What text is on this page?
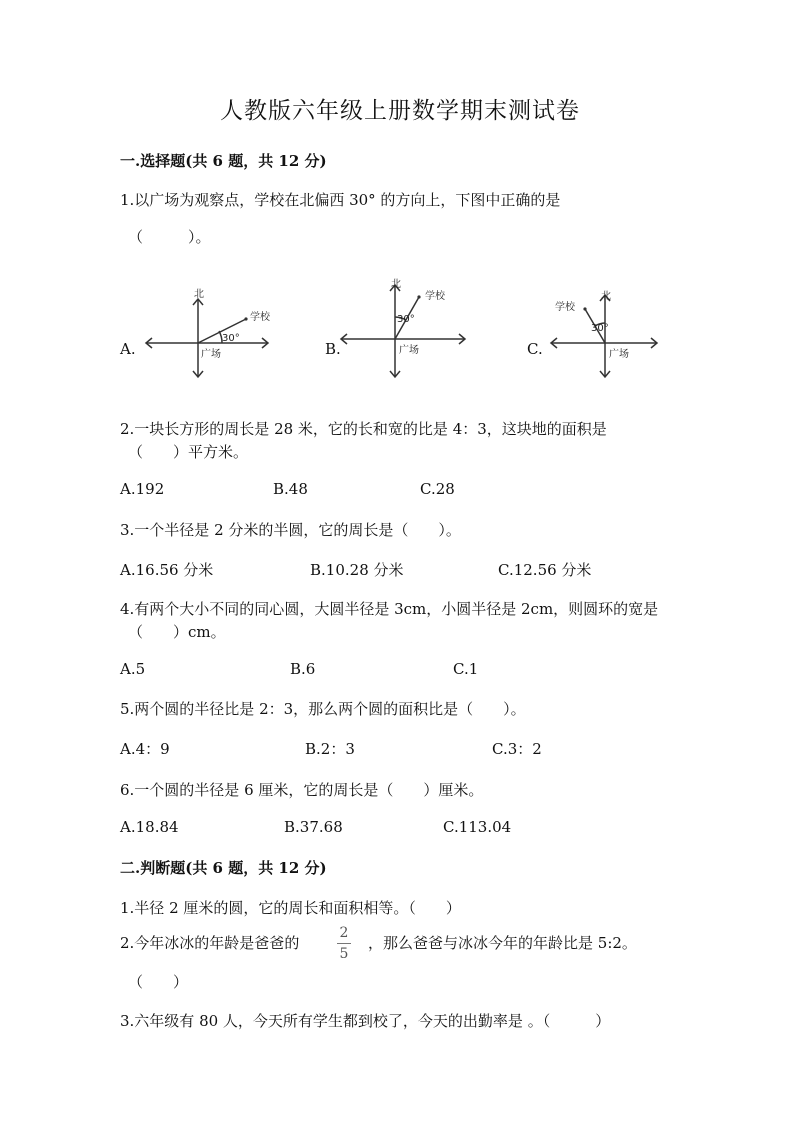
人教版六年级上册数学期末测试卷
一.选择题(共 6 题，共 12 分)
1.以广场为观察点，学校在北偏西 30° 的方向上，下图中正确的是
（　　　）。
A.
北
学校
30°
广场	B.
北
学校
30°
广场	C.
北
学校
30°
广场
2.一块长方形的周长是 28 米，它的长和宽的比是 4：3，这块地的面积是
（　　）平方米。
A.192	B.48	C.28
3.一个半径是 2 分米的半圆，它的周长是（　　）。
A.16.56 分米	B.10.28 分米	C.12.56 分米
4.有两个大小不同的同心圆，大圆半径是 3cm，小圆半径是 2cm，则圆环的宽是
（　　）cm。
A.5	B.6	C.1
5.两个圆的半径比是 2：3，那么两个圆的面积比是（　　）。
A.4：9	B.2：3	C.3：2
6.一个圆的半径是 6 厘米，它的周长是（　　）厘米。
A.18.84	B.37.68	C.113.04
二.判断题(共 6 题，共 12 分)
1.半径 2 厘米的圆，它的周长和面积相等。（　　）
2.今年冰冰的年龄是爸爸的	$\frac{2}{5}$ ，那么爸爸与冰冰今年的年龄比是 5:2。
（　　）
3.六年级有 80 人，今天所有学生都到校了，今天的出勤率是 。（　　　）
